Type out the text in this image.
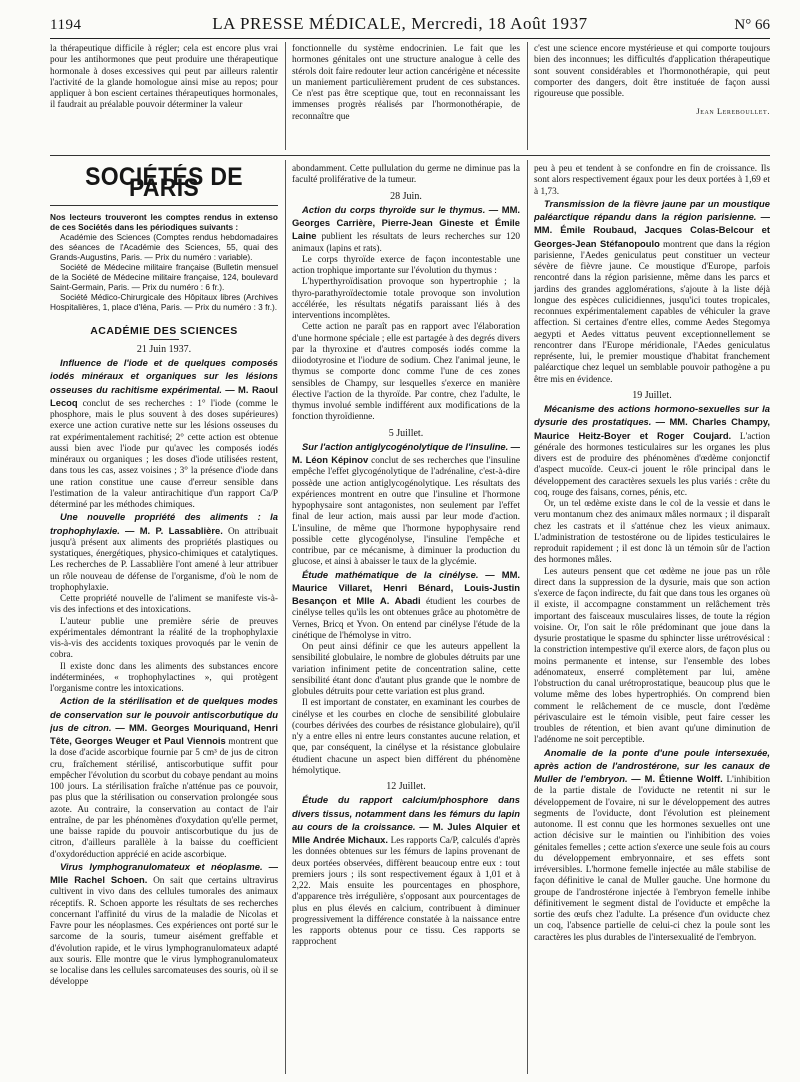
1194	LA PRESSE MÉDICALE, Mercredi, 18 Août 1937	N° 66

la thérapeutique difficile à régler; cela est encore plus vrai pour les antihormones que peut produire une thérapeutique hormonale à doses excessives qui peut par ailleurs ralentir l'activité de la glande homologue ainsi mise au repos; pour appliquer à bon escient certaines thérapeutiques hormonales, il faudrait au préalable pouvoir déterminer la valeur

fonctionnelle du système endocrinien. Le fait que les hormones génitales ont une structure analogue à celle des stérols doit faire redouter leur action cancérigène et nécessite un maniement particulièrement prudent de ces substances. Ce n'est pas être sceptique que, tout en reconnaissant les immenses progrès réalisés par l'hormonothérapie, de reconnaître que

c'est une science encore mystérieuse et qui comporte toujours bien des inconnues; les difficultés d'application thérapeutique sont souvent considérables et l'hormonothérapie, qui peut comporter des dangers, doit être instituée de façon aussi rigoureuse que possible.

Jean Lereboullet.
SOCIÉTÉS DE PARIS

Nos lecteurs trouveront les comptes rendus in extenso de ces Sociétés dans les périodiques suivants :

Académie des Sciences (Comptes rendus hebdomadaires des séances de l'Académie des Sciences, 55, quai des Grands-Augustins, Paris. — Prix du numéro : variable).

Société de Médecine militaire française (Bulletin mensuel de la Société de Médecine militaire française, 124, boulevard Saint-Germain, Paris. — Prix du numéro : 6 fr.).

Société Médico-Chirurgicale des Hôpitaux libres (Archives Hospitalières, 1, place d'Iéna, Paris. — Prix du numéro : 3 fr.).

ACADÉMIE DES SCIENCES
21 Juin 1937.

Influence de l'iode et de quelques composés iodés minéraux et organiques sur les lésions osseuses du rachitisme expérimental. — M. Raoul Lecoq conclut de ses recherches : 1° l'iode (comme le phosphore, mais le plus souvent à des doses supérieures) exerce une action curative nette sur les lésions osseuses du rat expérimentalement rachitisé; 2° cette action est obtenue aussi bien avec l'iode pur qu'avec les composés iodés minéraux ou organiques ; les doses d'iode utilisées restent, dans tous les cas, assez voisines ; 3° la présence d'iode dans une ration constitue une cause d'erreur sensible dans l'estimation de la valeur antirachitique d'un rapport Ca/P déterminé par les méthodes chimiques.

Une nouvelle propriété des aliments : la trophophylaxie. — M. P. Lassablière. On attribuait jusqu'à présent aux aliments des propriétés plastiques ou systatiques, énergétiques, physico-chimiques et catalytiques. Les recherches de P. Lassablière l'ont amené à leur attribuer un rôle nouveau de défense de l'organisme, d'où le nom de trophophylaxie.

Cette propriété nouvelle de l'aliment se manifeste vis-à-vis des infections et des intoxications.

L'auteur publie une première série de preuves expérimentales démontrant la réalité de la trophophylaxie vis-à-vis des accidents toxiques provoqués par le venin de cobra.

Il existe donc dans les aliments des substances encore indéterminées, « trophophylactines », qui protègent l'organisme contre les intoxications.

Action de la stérilisation et de quelques modes de conservation sur le pouvoir antiscorbutique du jus de citron. — MM. Georges Mouriquand, Henri Tête, Georges Weuger et Paul Viennois montrent que la dose d'acide ascorbique fournie par 5 cm³ de jus de citron cru, fraîchement stérilisé, antiscorbutique suffit pour empêcher l'évolution du scorbut du cobaye pendant au moins 100 jours. La stérilisation fraîche n'atténue pas ce pouvoir, pas plus que la stérilisation ou conservation prolongée sous azote. Au contraire, la conservation au contact de l'air entraîne, de par les phénomènes d'oxydation qu'elle permet, une baisse rapide du pouvoir antiscorbutique du jus de citron, d'ailleurs parallèle à la baisse du coefficient d'oxydoréduction apprécié en acide ascorbique.

Virus lymphogranulomateux et néoplasme. — Mlle Rachel Schoen. On sait que certains ultravirus cultivent in vivo dans des cellules tumorales des animaux réceptifs. R. Schoen apporte les résultats de ses recherches concernant l'affinité du virus de la maladie de Nicolas et Favre pour les néoplasmes. Ces expériences ont porté sur le sarcome de la souris, tumeur aisément greffable et d'évolution rapide, et le virus lymphogranulomateux adapté aux souris. Elle montre que le virus lymphogranulomateux se localise dans les cellules sarcomateuses des souris, où il se développe

abondamment. Cette pullulation du germe ne diminue pas la faculté proliférative de la tumeur.

28 Juin.

Action du corps thyroïde sur le thymus. — MM. Georges Carrière, Pierre-Jean Gineste et Émile Laine publient les résultats de leurs recherches sur 120 animaux (lapins et rats).

Le corps thyroïde exerce de façon incontestable une action trophique importante sur l'évolution du thymus :

L'hyperthyroïdisation provoque son hypertrophie ; la thyro-parathyroïdectomie totale provoque son involution accélérée, les résultats négatifs paraissant liés à des interventions incomplètes.

Cette action ne paraît pas en rapport avec l'élaboration d'une hormone spéciale ; elle est partagée à des degrés divers par la thyroxine et d'autres composés iodés comme la diiodotyrosine et l'iodure de sodium. Chez l'animal jeune, le thymus se comporte donc comme l'une de ces zones sensibles de Champy, sur lesquelles s'exerce en manière élective l'action de la thyroïde. Par contre, chez l'adulte, le thymus involué semble indifférent aux modifications de la fonction thyroïdienne.

5 Juillet.

Sur l'action antiglycogénolytique de l'insuline. — M. Léon Képinov conclut de ses recherches que l'insuline empêche l'effet glycogénolytique de l'adrénaline, c'est-à-dire possède une action antiglycogénolytique. Les résultats des expériences montrent en outre que l'insuline et l'hormone hypophysaire sont antagonistes, non seulement par l'effet final de leur action, mais aussi par leur mode d'action. L'insuline, de même que l'hormone hypophysaire rend possible cette glycogénolyse, l'insuline l'empêche et contribue, par ce mécanisme, à diminuer la production du glucose, et ainsi à abaisser le taux de la glycémie.

Étude mathématique de la cinélyse. — MM. Maurice Villaret, Henri Bénard, Louis-Justin Besançon et Mlle A. Abadi étudient les courbes de cinélyse telles qu'ils les ont obtenues grâce au photomètre de Vernes, Bricq et Yvon. On entend par cinélyse l'étude de la cinétique de l'hémolyse in vitro.

On peut ainsi définir ce que les auteurs appellent la sensibilité globulaire, le nombre de globules détruits par une variation infiniment petite de concentration saline, cette sensibilité étant donc d'autant plus grande que le nombre de globules détruits pour cette variation est plus grand.

Il est important de constater, en examinant les courbes de cinélyse et les courbes en cloche de sensibilité globulaire (courbes dérivées des courbes de résistance globulaire), qu'il n'y a entre elles ni entre leurs constantes aucune relation, et que, par conséquent, la cinélyse et la résistance globulaire étudient chacune un aspect bien différent du phénomène hémolytique.

12 Juillet.

Étude du rapport calcium/phosphore dans divers tissus, notamment dans les fémurs du lapin au cours de la croissance. — M. Jules Alquier et Mlle Andrée Michaux. Les rapports Ca/P, calculés d'après les données obtenues sur les fémurs de lapins provenant de deux portées observées, diffèrent beaucoup entre eux : tout premiers jours ; ils sont respectivement égaux à 1,01 et à 2,22. Mais ensuite les pourcentages en phosphore, d'apparence très irrégulière, s'opposant aux pourcentages de plus en plus élevés en calcium, contribuent à diminuer progressivement la différence constatée à la naissance entre les rapports obtenus pour ce tissu. Ces rapports se rapprochent

peu à peu et tendent à se confondre en fin de croissance. Ils sont alors respectivement égaux pour les deux portées à 1,69 et à 1,73.

Transmission de la fièvre jaune par un moustique paléarctique répandu dans la région parisienne. — MM. Émile Roubaud, Jacques Colas-Belcour et Georges-Jean Stéfanopoulo montrent que dans la région parisienne, l'Aedes geniculatus peut constituer un vecteur sévère de fièvre jaune. Ce moustique d'Europe, parfois rencontré dans la région parisienne, même dans les parcs et jardins des grandes agglomérations, s'ajoute à la liste déjà longue des espèces culicidiennes, jusqu'ici toutes tropicales, reconnues expérimentalement capables de véhiculer la grave affection. Si certaines d'entre elles, comme Aedes Stegomya aegypti et Aedes vittatus peuvent exceptionnellement se rencontrer dans l'Europe méridionale, l'Aedes geniculatus représente, lui, le premier moustique d'habitat franchement paléarctique chez lequel un semblable pouvoir pathogène a pu être mis en évidence.

19 Juillet.

Mécanisme des actions hormono-sexuelles sur la dysurie des prostatiques. — MM. Charles Champy, Maurice Heitz-Boyer et Roger Coujard. L'action générale des hormones testiculaires sur les organes les plus divers est de produire des phénomènes d'œdème conjonctif d'aspect mucoïde. Ceux-ci jouent le rôle principal dans le développement des caractères sexuels les plus variés : crête du coq, rouge des faisans, cornes, pénis, etc.

Or, un tel œdème existe dans le col de la vessie et dans le veru montanum chez des animaux mâles normaux ; il disparaît chez les castrats et il s'atténue chez les vieux animaux. L'administration de testostérone ou de lipides testiculaires le reproduit rapidement ; il est donc là un témoin sûr de l'action des hormones mâles.

Les auteurs pensent que cet œdème ne joue pas un rôle direct dans la suppression de la dysurie, mais que son action s'exerce de façon indirecte, du fait que dans tous les organes où il existe, il accompagne constamment un relâchement très important des faisceaux musculaires lisses, de toute la région voisine. Or, l'on sait le rôle prédominant que joue dans la dysurie prostatique le spasme du sphincter lisse urétrovésical : la constriction intempestive qu'il exerce alors, de façon plus ou moins permanente et intense, sur l'ensemble des lobes adénomateux, enserré complètement par lui, amène l'obstruction du canal urétroprostatique, beaucoup plus que le volume même des lobes hypertrophiés. On comprend bien comment le relâchement de ce muscle, dont l'œdème périvasculaire est le témoin visible, peut faire cesser les troubles de rétention, et bien avant qu'une diminution de l'adénome ne soit perceptible.

Anomalie de la ponte d'une poule intersexuée, après action de l'androstérone, sur les canaux de Muller de l'embryon. — M. Étienne Wolff. L'inhibition de la partie distale de l'oviducte ne retentit ni sur le développement de l'ovaire, ni sur le développement des autres segments de l'oviducte, dont l'évolution est pleinement autonome. Il est connu que les hormones sexuelles ont une action décisive sur le maintien ou l'inhibition des voies génitales femelles ; cette action s'exerce une seule fois au cours du développement embryonnaire, et ses effets sont irréversibles. L'hormone femelle injectée au mâle stabilise de façon définitive le canal de Muller gauche. Une hormone du groupe de l'androstérone injectée à l'embryon femelle inhibe définitivement le segment distal de l'oviducte et empêche la sortie des œufs chez l'adulte. La présence d'un oviducte chez un coq, l'absence partielle de celui-ci chez la poule sont les caractères les plus durables de l'intersexualité de l'embryon.
